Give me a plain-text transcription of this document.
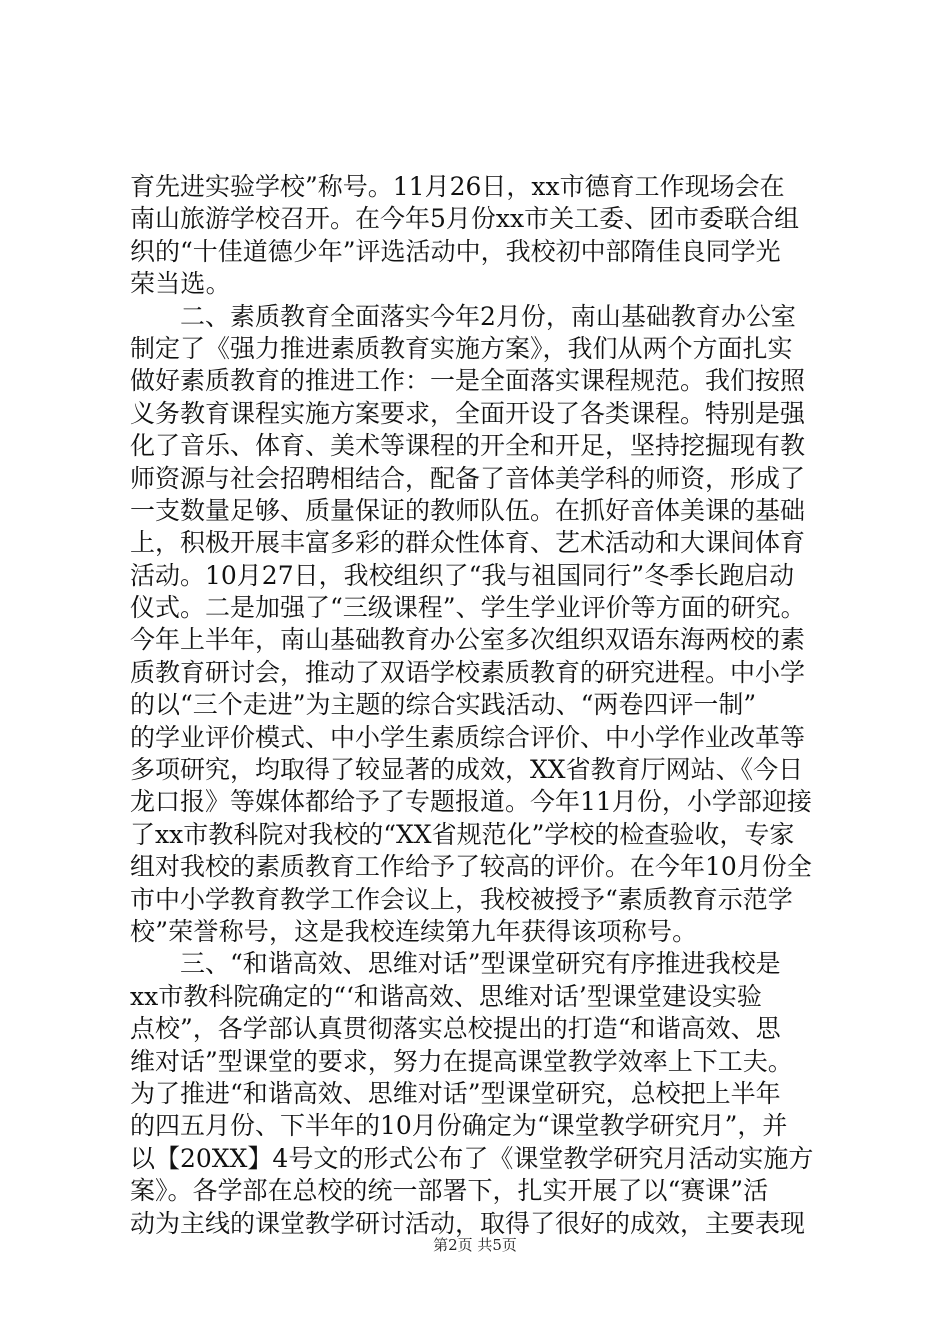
育先进实验学校”称号。11月26日，xx市德育工作现场会在
南山旅游学校召开。在今年5月份xx市关工委、团市委联合组
织的“十佳道德少年”评选活动中，我校初中部隋佳良同学光
荣当选。
　　二、素质教育全面落实今年2月份，南山基础教育办公室
制定了《强力推进素质教育实施方案》，我们从两个方面扎实
做好素质教育的推进工作：一是全面落实课程规范。我们按照
义务教育课程实施方案要求，全面开设了各类课程。特别是强
化了音乐、体育、美术等课程的开全和开足，坚持挖掘现有教
师资源与社会招聘相结合，配备了音体美学科的师资，形成了
一支数量足够、质量保证的教师队伍。在抓好音体美课的基础
上，积极开展丰富多彩的群众性体育、艺术活动和大课间体育
活动。10月27日，我校组织了“我与祖国同行”冬季长跑启动
仪式。二是加强了“三级课程”、学生学业评价等方面的研究。
今年上半年，南山基础教育办公室多次组织双语东海两校的素
质教育研讨会，推动了双语学校素质教育的研究进程。中小学
的以“三个走进”为主题的综合实践活动、“两卷四评一制”
的学业评价模式、中小学生素质综合评价、中小学作业改革等
多项研究，均取得了较显著的成效，XX省教育厅网站、《今日
龙口报》等媒体都给予了专题报道。今年11月份，小学部迎接
了xx市教科院对我校的“XX省规范化”学校的检查验收，专家
组对我校的素质教育工作给予了较高的评价。在今年10月份全
市中小学教育教学工作会议上，我校被授予“素质教育示范学
校”荣誉称号，这是我校连续第九年获得该项称号。
　　三、“和谐高效、思维对话”型课堂研究有序推进我校是
xx市教科院确定的“‘和谐高效、思维对话’型课堂建设实验
点校”，各学部认真贯彻落实总校提出的打造“和谐高效、思
维对话”型课堂的要求，努力在提高课堂教学效率上下工夫。
为了推进“和谐高效、思维对话”型课堂研究，总校把上半年
的四五月份、下半年的10月份确定为“课堂教学研究月”，并
以【20XX】4号文的形式公布了《课堂教学研究月活动实施方
案》。各学部在总校的统一部署下，扎实开展了以“赛课”活
动为主线的课堂教学研讨活动，取得了很好的成效，主要表现
第2页 共5页
